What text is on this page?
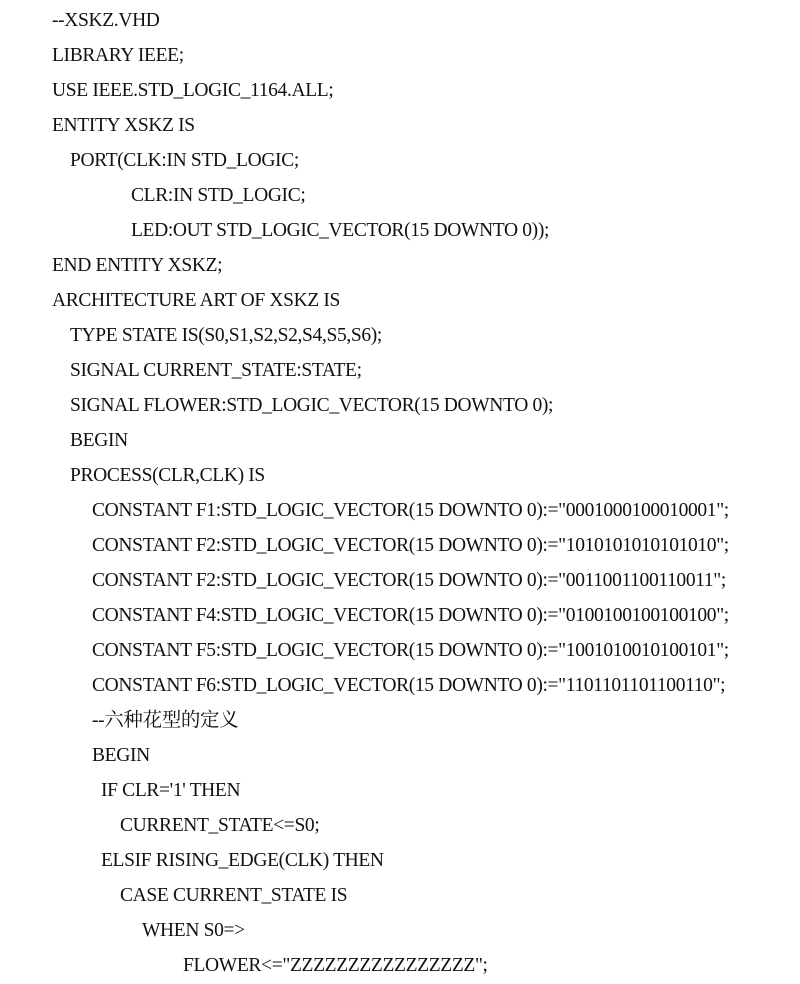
--XSKZ.VHD
LIBRARY IEEE;
USE IEEE.STD_LOGIC_1164.ALL;
ENTITY XSKZ IS
PORT(CLK:IN STD_LOGIC;
CLR:IN STD_LOGIC;
LED:OUT STD_LOGIC_VECTOR(15 DOWNTO 0));
END ENTITY XSKZ;
ARCHITECTURE ART OF XSKZ IS
TYPE STATE IS(S0,S1,S2,S2,S4,S5,S6);
SIGNAL CURRENT_STATE:STATE;
SIGNAL FLOWER:STD_LOGIC_VECTOR(15 DOWNTO 0);
BEGIN
PROCESS(CLR,CLK) IS
CONSTANT F1:STD_LOGIC_VECTOR(15 DOWNTO 0):="0001000100010001";
CONSTANT F2:STD_LOGIC_VECTOR(15 DOWNTO 0):="1010101010101010";
CONSTANT F2:STD_LOGIC_VECTOR(15 DOWNTO 0):="0011001100110011";
CONSTANT F4:STD_LOGIC_VECTOR(15 DOWNTO 0):="0100100100100100";
CONSTANT F5:STD_LOGIC_VECTOR(15 DOWNTO 0):="1001010010100101";
CONSTANT F6:STD_LOGIC_VECTOR(15 DOWNTO 0):="1101101101100110";
--六种花型的定义
BEGIN
IF CLR='1' THEN
CURRENT_STATE<=S0;
ELSIF RISING_EDGE(CLK) THEN
CASE CURRENT_STATE IS
WHEN S0=>
FLOWER<="ZZZZZZZZZZZZZZZZ";
